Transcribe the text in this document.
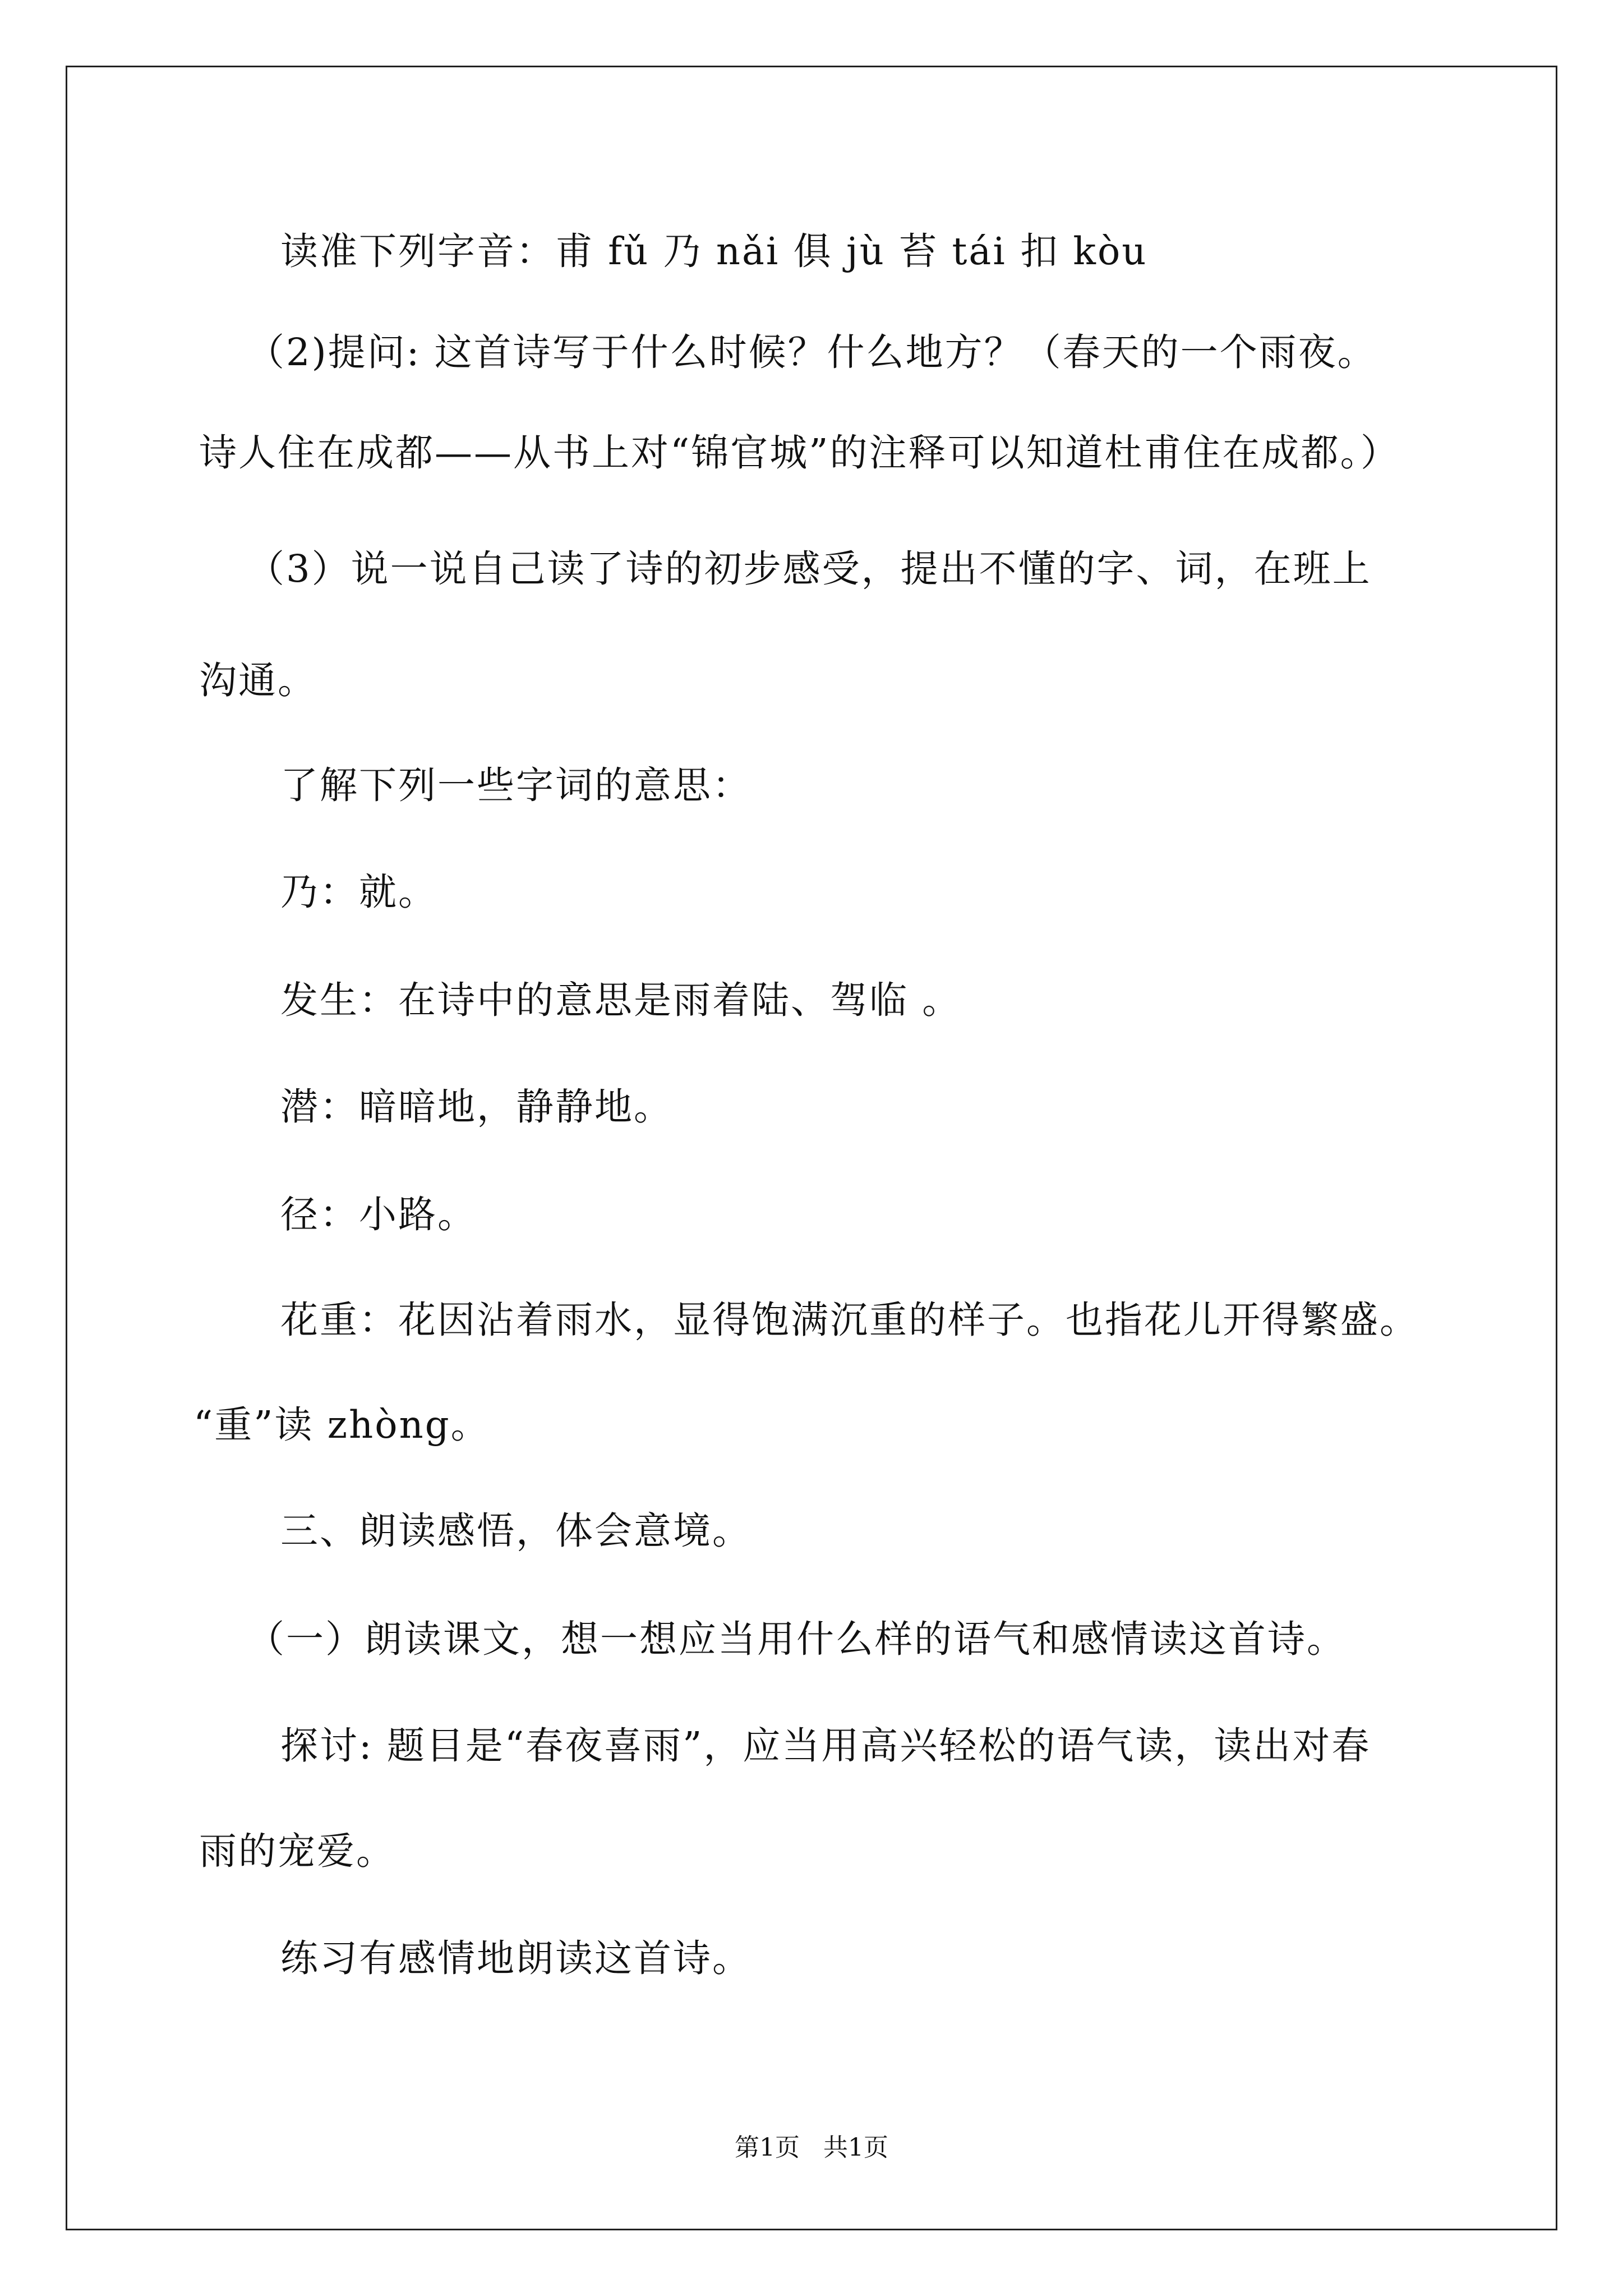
读准下列字音：甫 fǔ 乃 nǎi 俱 jù 苔 tái 扣 kòu
（2)提问: 这首诗写于什么时候？什么地方？（春天的一个雨夜。
诗人住在成都——从书上对“锦官城”的注释可以知道杜甫住在成都。）
（3）说一说自己读了诗的初步感受，提出不懂的字、词，在班上
沟通。
了解下列一些字词的意思：
乃：就。
发生：在诗中的意思是雨着陆、驾临 。
潜：暗暗地，静静地。
径：小路。
花重：花因沾着雨水，显得饱满沉重的样子。也指花儿开得繁盛。
“重”读 zhòng。
三、朗读感悟，体会意境。
（一）朗读课文，想一想应当用什么样的语气和感情读这首诗。
探讨: 题目是“春夜喜雨”，应当用高兴轻松的语气读，读出对春
雨的宠爱。
练习有感情地朗读这首诗。
第1页 共1页
